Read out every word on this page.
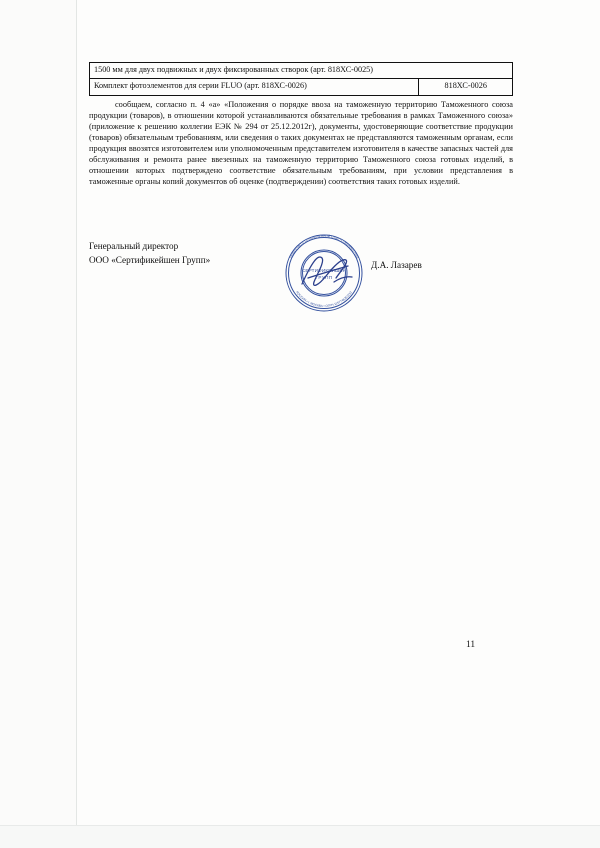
1500 мм для двух подвижных и двух фиксированных створок (арт. 818ХС-0025)
Комплект фотоэлементов для серии FLUO (арт. 818ХС-0026)	818ХС-0026
сообщаем, согласно п. 4 «а» «Положения о порядке ввоза на таможенную территорию Таможенного союза продукции (товаров), в отношении которой устанавливаются обязательные требования в рамках Таможенного союза» (приложение к решению коллегии ЕЭК № 294 от 25.12.2012г), документы, удостоверяющие соответствие продукции (товаров) обязательным требованиям, или сведения о таких документах не представляются таможенным органам, если продукция ввозятся изготовителем или уполномоченным представителем изготовителя в качестве запасных частей для обслуживания и ремонта ранее ввезенных на таможенную территорию Таможенного союза готовых изделий, в отношении которых подтверждено соответствие обязательным требованиям, при условии представления в таможенные органы копий документов об оценке (подтверждении) соответствия таких готовых изделий.
Генеральный директор
ООО «Сертификейшен Групп»
Д.А. Лазарев
ОБЩЕСТВО С ОГРАНИЧЕННОЙ ОТВЕТСТВЕННОСТЬЮ
РОССИЯ • г. МОСКВА • ОГРН 1157746251212
СЕРТИФИКЕЙШЕН
ГРУПП
11
